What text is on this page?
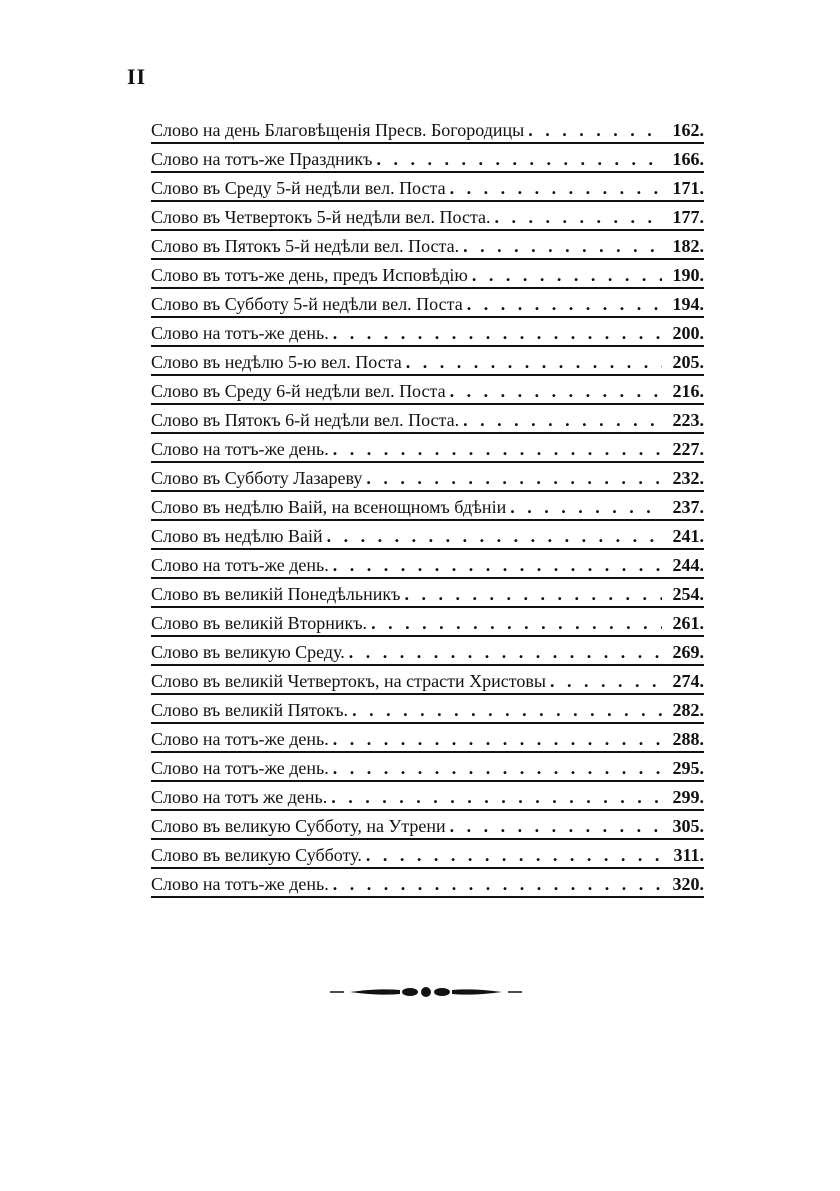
II
Слово на день Благовѣщенія Пресв. Богородицы . . .	162.
Слово на тотъ-же Праздникъ . . .	166.
Слово въ Среду 5-й недѣли вел. Поста . . .	171.
Слово въ Четвертокъ 5-й недѣли вел. Поста. . . .	177.
Слово въ Пятокъ 5-й недѣли вел. Поста. . . .	182.
Слово въ тотъ-же день, предъ Исповѣдію . . .	190.
Слово въ Субботу 5-й недѣли вел. Поста . . .	194.
Слово на тотъ-же день. . . .	200.
Слово въ недѣлю 5-ю вел. Поста . . .	205.
Слово въ Среду 6-й недѣли вел. Поста . . .	216.
Слово въ Пятокъ 6-й недѣли вел. Поста. . . .	223.
Слово на тотъ-же день. . . .	227.
Слово въ Субботу Лазареву . . .	232.
Слово въ недѣлю Ваій, на всенощномъ бдѣніи . . .	237.
Слово въ недѣлю Ваій . . .	241.
Слово на тотъ-же день. . . .	244.
Слово въ великій Понедѣльникъ . . .	254.
Слово въ великій Вторникъ. . . .	261.
Слово въ великую Среду. . . .	269.
Слово въ великій Четвертокъ, на страсти Христовы . . .	274.
Слово въ великій Пятокъ. . . .	282.
Слово на тотъ-же день. . . .	288.
Слово на тотъ-же день. . . .	295.
Слово на тотъ же день. . . .	299.
Слово въ великую Субботу, на Утрени . . .	305.
Слово въ великую Субботу. . . .	311.
Слово на тотъ-же день. . . .	320.
